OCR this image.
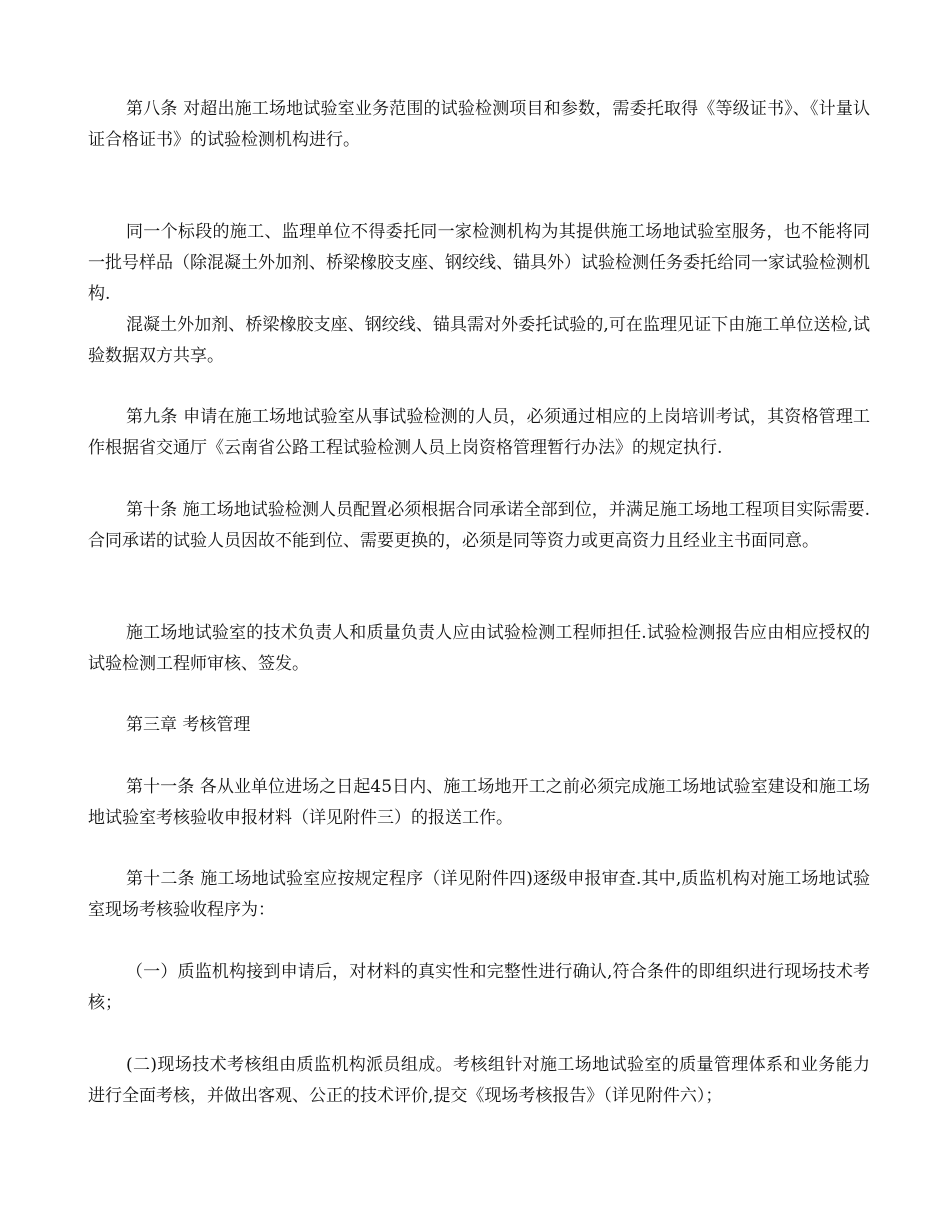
第八条 对超出施工场地试验室业务范围的试验检测项目和参数，需委托取得《等级证书》、《计量认证合格证书》的试验检测机构进行。

同一个标段的施工、监理单位不得委托同一家检测机构为其提供施工场地试验室服务，也不能将同一批号样品（除混凝土外加剂、桥梁橡胶支座、钢绞线、锚具外）试验检测任务委托给同一家试验检测机构.

混凝土外加剂、桥梁橡胶支座、钢绞线、锚具需对外委托试验的,可在监理见证下由施工单位送检,试验数据双方共享。

第九条 申请在施工场地试验室从事试验检测的人员，必须通过相应的上岗培训考试，其资格管理工作根据省交通厅《云南省公路工程试验检测人员上岗资格管理暂行办法》的规定执行.

第十条 施工场地试验检测人员配置必须根据合同承诺全部到位，并满足施工场地工程项目实际需要.合同承诺的试验人员因故不能到位、需要更换的，必须是同等资力或更高资力且经业主书面同意。

施工场地试验室的技术负责人和质量负责人应由试验检测工程师担任.试验检测报告应由相应授权的试验检测工程师审核、签发。

第三章 考核管理

第十一条 各从业单位进场之日起45日内、施工场地开工之前必须完成施工场地试验室建设和施工场地试验室考核验收申报材料（详见附件三）的报送工作。

第十二条 施工场地试验室应按规定程序（详见附件四)逐级申报审查.其中,质监机构对施工场地试验室现场考核验收程序为：

（一）质监机构接到申请后，对材料的真实性和完整性进行确认,符合条件的即组织进行现场技术考核；

(二)现场技术考核组由质监机构派员组成。考核组针对施工场地试验室的质量管理体系和业务能力进行全面考核，并做出客观、公正的技术评价,提交《现场考核报告》（详见附件六）；
